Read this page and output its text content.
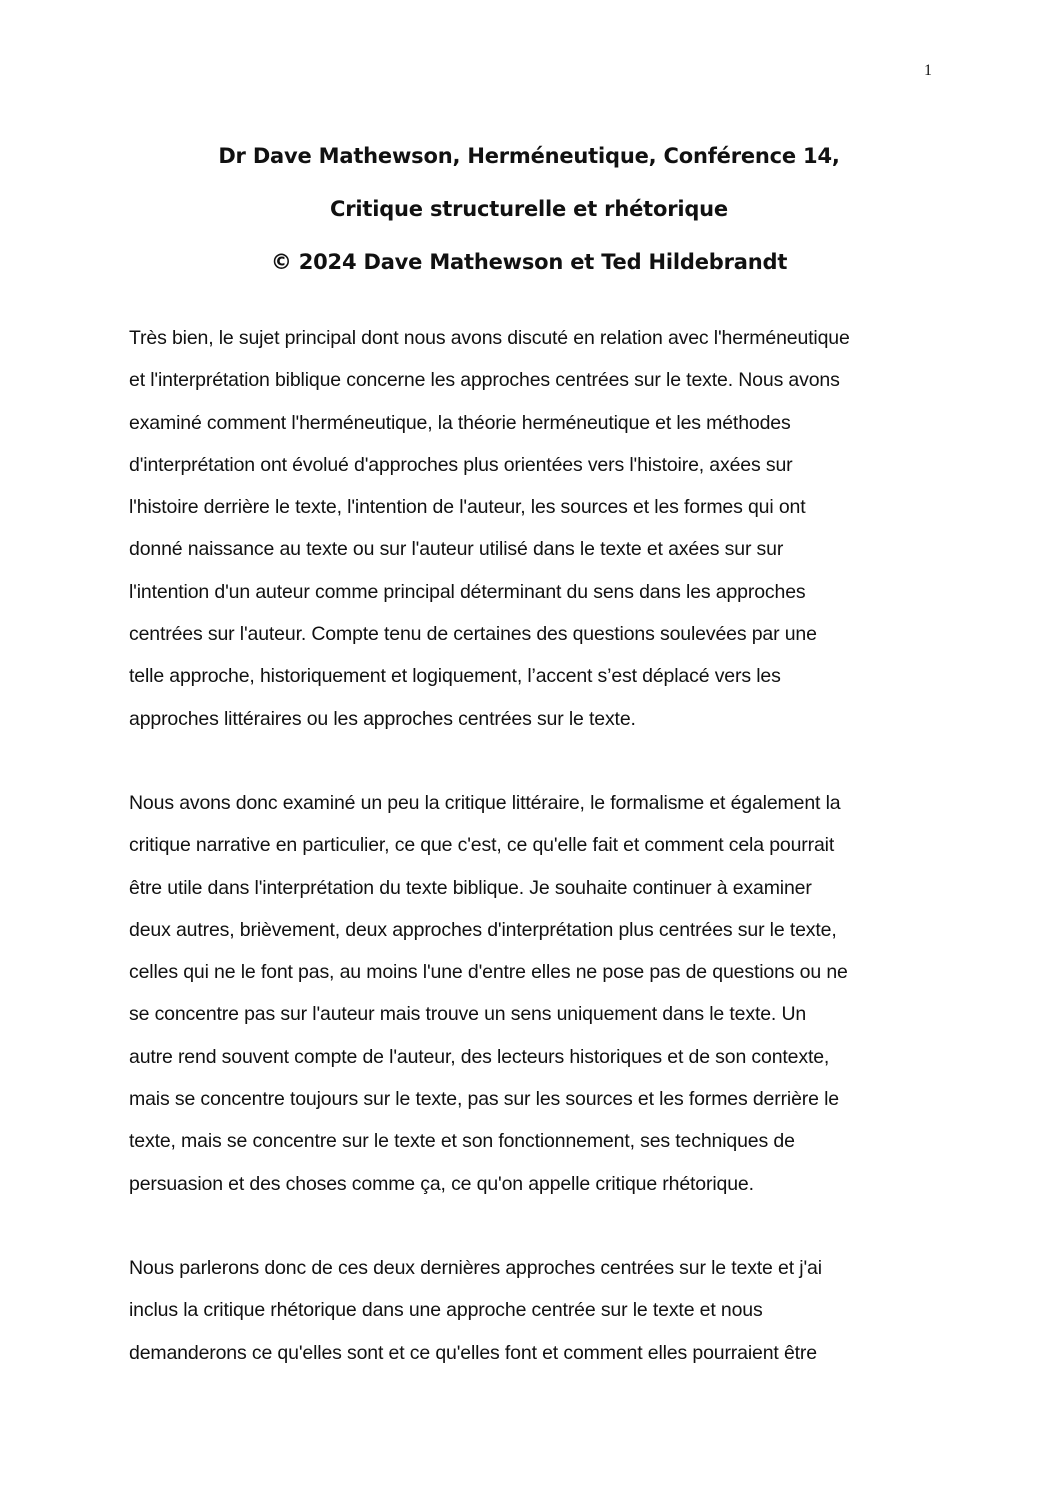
1
Dr Dave Mathewson, Herméneutique, Conférence 14,
Critique structurelle et rhétorique
© 2024 Dave Mathewson et Ted Hildebrandt

Très bien, le sujet principal dont nous avons discuté en relation avec l'herméneutique
et l'interprétation biblique concerne les approches centrées sur le texte. Nous avons
examiné comment l'herméneutique, la théorie herméneutique et les méthodes
d'interprétation ont évolué d'approches plus orientées vers l'histoire, axées sur
l'histoire derrière le texte, l'intention de l'auteur, les sources et les formes qui ont
donné naissance au texte ou sur l'auteur utilisé dans le texte et axées sur sur
l'intention d'un auteur comme principal déterminant du sens dans les approches
centrées sur l'auteur. Compte tenu de certaines des questions soulevées par une
telle approche, historiquement et logiquement, l’accent s’est déplacé vers les
approches littéraires ou les approches centrées sur le texte.

Nous avons donc examiné un peu la critique littéraire, le formalisme et également la
critique narrative en particulier, ce que c'est, ce qu'elle fait et comment cela pourrait
être utile dans l'interprétation du texte biblique. Je souhaite continuer à examiner
deux autres, brièvement, deux approches d'interprétation plus centrées sur le texte,
celles qui ne le font pas, au moins l'une d'entre elles ne pose pas de questions ou ne
se concentre pas sur l'auteur mais trouve un sens uniquement dans le texte. Un
autre rend souvent compte de l'auteur, des lecteurs historiques et de son contexte,
mais se concentre toujours sur le texte, pas sur les sources et les formes derrière le
texte, mais se concentre sur le texte et son fonctionnement, ses techniques de
persuasion et des choses comme ça, ce qu'on appelle critique rhétorique.

Nous parlerons donc de ces deux dernières approches centrées sur le texte et j'ai
inclus la critique rhétorique dans une approche centrée sur le texte et nous
demanderons ce qu'elles sont et ce qu'elles font et comment elles pourraient être
